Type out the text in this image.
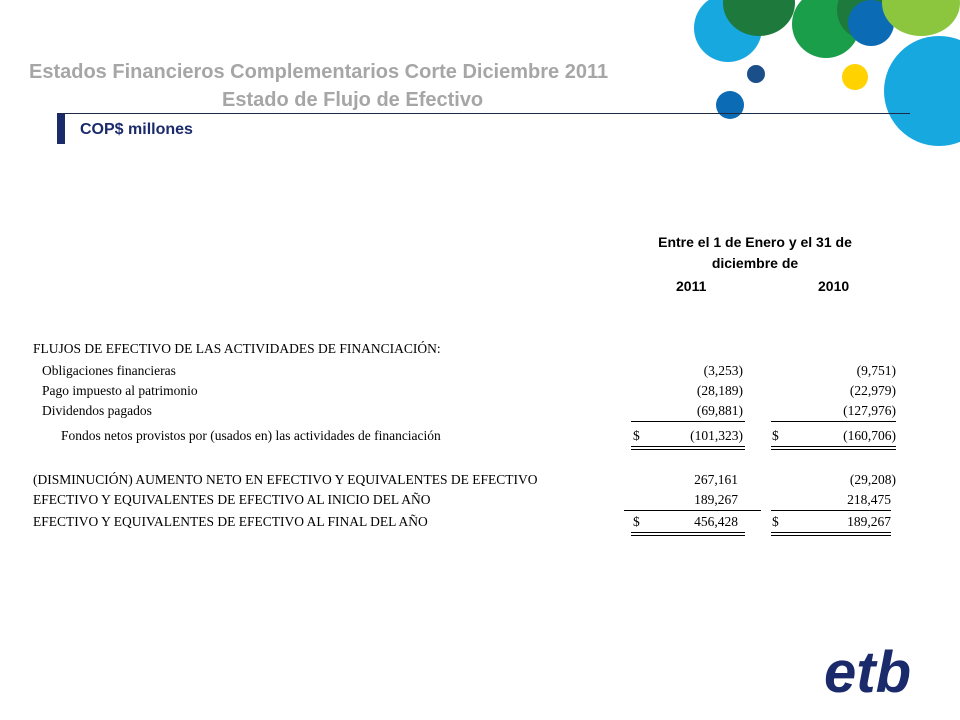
Estados Financieros Complementarios Corte Diciembre 2011
Estado de Flujo de Efectivo
COP$ millones
Entre el 1 de Enero y el 31 de
diciembre de
2011	2010
FLUJOS DE EFECTIVO DE LAS ACTIVIDADES DE FINANCIACIÓN:
Obligaciones financieras	(3,253)	(9,751)
Pago impuesto al patrimonio	(28,189)	(22,979)
Dividendos pagados	(69,881)	(127,976)
Fondos netos provistos por (usados en) las actividades de financiación	$	(101,323) $	(160,706)
(DISMINUCIÓN) AUMENTO NETO EN EFECTIVO Y EQUIVALENTES DE EFECTIVO	267,161	(29,208)
EFECTIVO Y EQUIVALENTES DE EFECTIVO AL INICIO DEL AÑO	189,267	218,475
EFECTIVO Y EQUIVALENTES DE EFECTIVO AL FINAL DEL AÑO	$	456,428	$	189,267
etb
